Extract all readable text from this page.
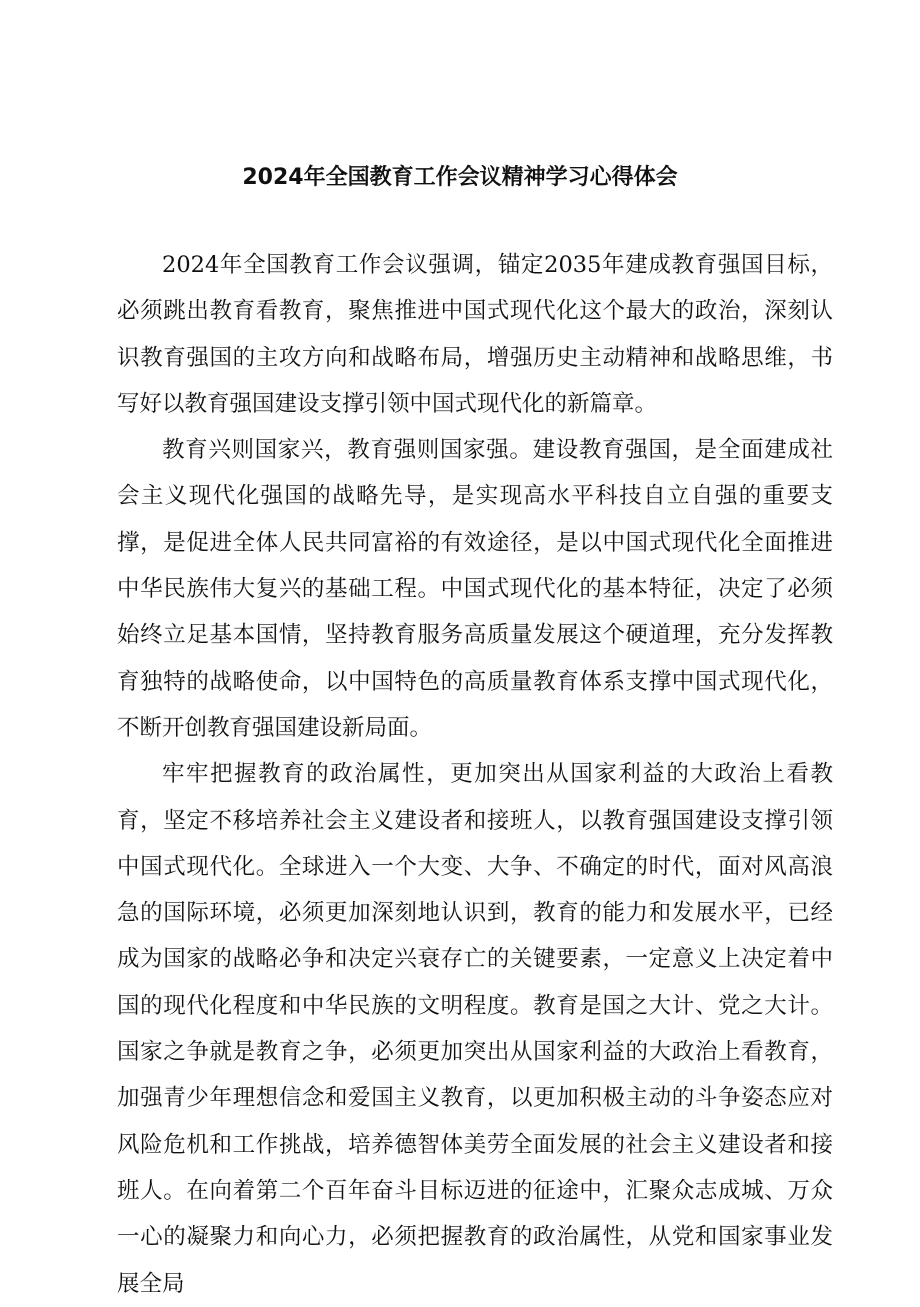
2024年全国教育工作会议精神学习心得体会

2024年全国教育工作会议强调，锚定2035年建成教育强国目标，必须跳出教育看教育，聚焦推进中国式现代化这个最大的政治，深刻认识教育强国的主攻方向和战略布局，增强历史主动精神和战略思维，书写好以教育强国建设支撑引领中国式现代化的新篇章。

教育兴则国家兴，教育强则国家强。建设教育强国，是全面建成社会主义现代化强国的战略先导，是实现高水平科技自立自强的重要支撑，是促进全体人民共同富裕的有效途径，是以中国式现代化全面推进中华民族伟大复兴的基础工程。中国式现代化的基本特征，决定了必须始终立足基本国情，坚持教育服务高质量发展这个硬道理，充分发挥教育独特的战略使命，以中国特色的高质量教育体系支撑中国式现代化，不断开创教育强国建设新局面。

牢牢把握教育的政治属性，更加突出从国家利益的大政治上看教育，坚定不移培养社会主义建设者和接班人，以教育强国建设支撑引领中国式现代化。全球进入一个大变、大争、不确定的时代，面对风高浪急的国际环境，必须更加深刻地认识到，教育的能力和发展水平，已经成为国家的战略必争和决定兴衰存亡的关键要素，一定意义上决定着中国的现代化程度和中华民族的文明程度。教育是国之大计、党之大计。国家之争就是教育之争，必须更加突出从国家利益的大政治上看教育，加强青少年理想信念和爱国主义教育，以更加积极主动的斗争姿态应对风险危机和工作挑战，培养德智体美劳全面发展的社会主义建设者和接班人。在向着第二个百年奋斗目标迈进的征途中，汇聚众志成城、万众一心的凝聚力和向心力，必须把握教育的政治属性，从党和国家事业发展全局
